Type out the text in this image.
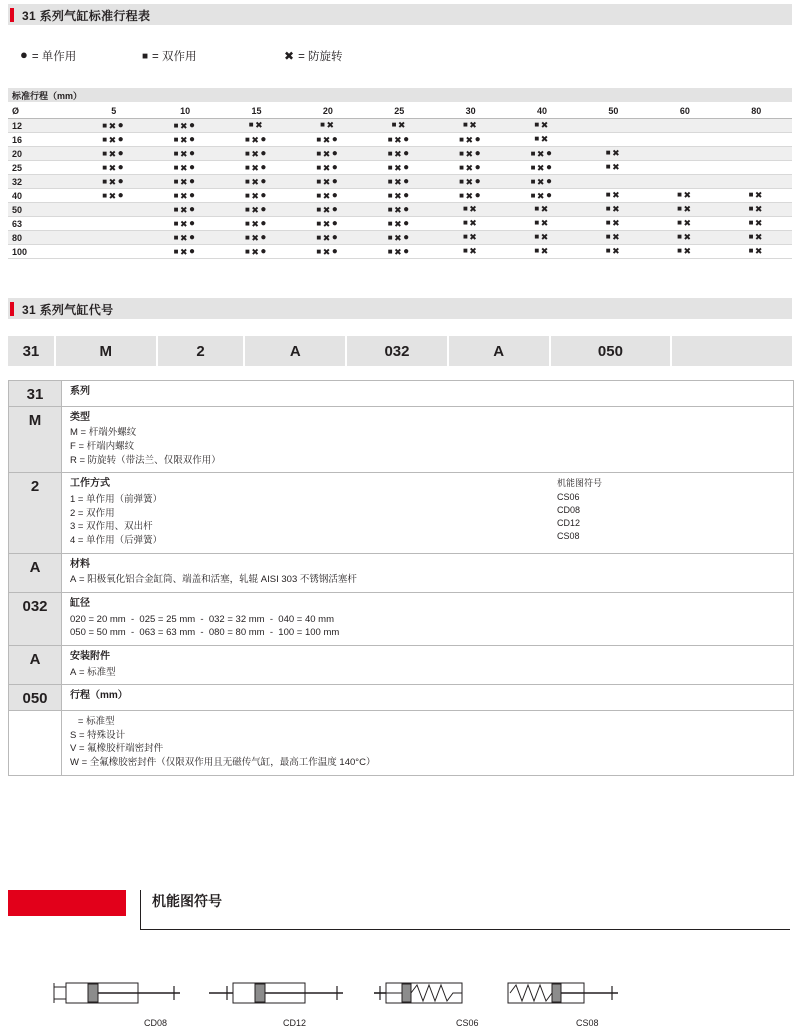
31 系列气缸标准行程表
● = 单作用	■ = 双作用	✖ = 防旋转
标准行程（mm）										
Ø	5	10	15	20	25	30	40	50	60	80
12	■✖●	■✖●	■✖	■✖	■✖	■✖	■✖			
16	■✖●	■✖●	■✖●	■✖●	■✖●	■✖●	■✖			
20	■✖●	■✖●	■✖●	■✖●	■✖●	■✖●	■✖●	■✖		
25	■✖●	■✖●	■✖●	■✖●	■✖●	■✖●	■✖●	■✖		
32	■✖●	■✖●	■✖●	■✖●	■✖●	■✖●	■✖●			
40	■✖●	■✖●	■✖●	■✖●	■✖●	■✖●	■✖●	■✖	■✖	■✖
50		■✖●	■✖●	■✖●	■✖●	■✖	■✖	■✖	■✖	■✖
63		■✖●	■✖●	■✖●	■✖●	■✖	■✖	■✖	■✖	■✖
80		■✖●	■✖●	■✖●	■✖●	■✖	■✖	■✖	■✖	■✖
100		■✖●	■✖●	■✖●	■✖●	■✖	■✖	■✖	■✖	■✖
31 系列气缸代号
31	M	2	A	032	A	050
31	系列
M	类型
M = 杆端外螺纹
F = 杆端内螺纹
R = 防旋转（带法兰、仅限双作用）

2	工作方式
1 = 单作用（前弹簧）
2 = 双作用
3 = 双作用、双出杆
4 = 单作用（后弹簧）

机能图符号
CS06
CD08
CD12
CS08

A	材料
A = 阳极氧化铝合金缸筒、端盖和活塞，轧辊 AISI 303 不锈钢活塞杆

032	缸径
020 = 20 mm  -  025 = 25 mm  -  032 = 32 mm  -  040 = 40 mm
050 = 50 mm  -  063 = 63 mm  -  080 = 80 mm  -  100 = 100 mm

A	安装附件
A = 标准型

050	行程（mm）
= 标准型
S = 特殊设计
V = 氟橡胶杆端密封件
W = 全氟橡胶密封件（仅限双作用且无磁传气缸，最高工作温度 140°C）

机能图符号
CD08	CD12	CS06	CS08
